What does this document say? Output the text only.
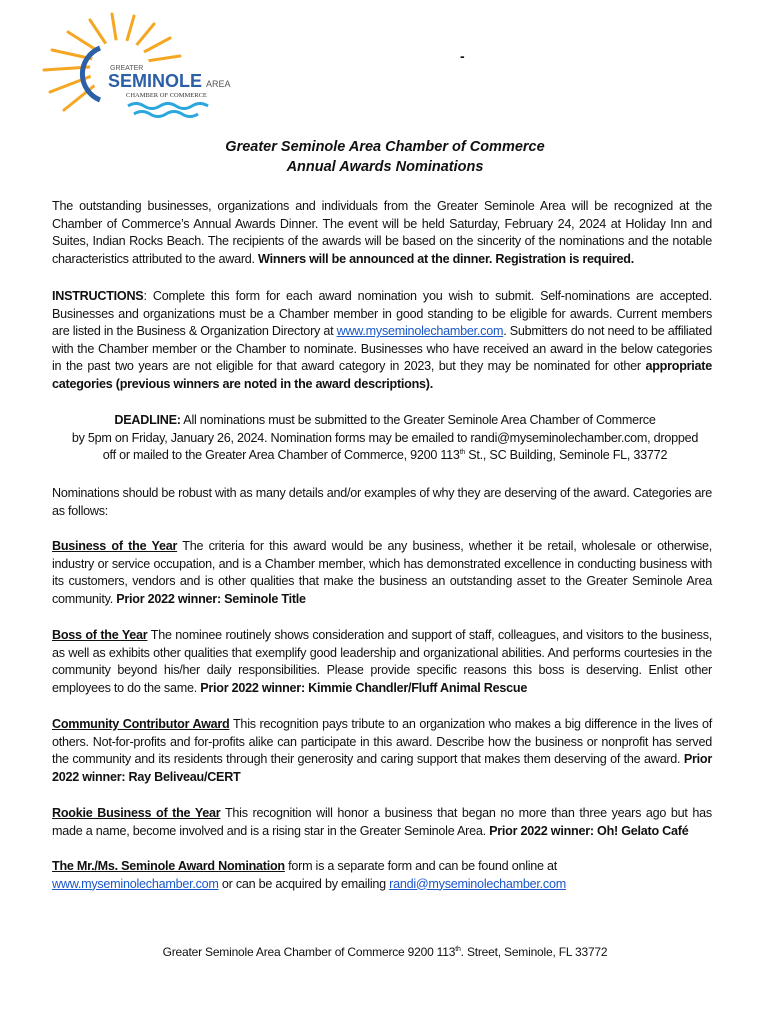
GREATER
SEMINOLE AREA
CHAMBER OF COMMERCE
-
Greater Seminole Area Chamber of Commerce
Annual Awards Nominations
The outstanding businesses, organizations and individuals from the Greater Seminole Area will be recognized at the Chamber of Commerce’s Annual Awards Dinner. The event will be held Saturday, February 24, 2024 at Holiday Inn and Suites, Indian Rocks Beach. The recipients of the awards will be based on the sincerity of the nominations and the notable characteristics attributed to the award. Winners will be announced at the dinner. Registration is required.
INSTRUCTIONS: Complete this form for each award nomination you wish to submit. Self-nominations are accepted. Businesses and organizations must be a Chamber member in good standing to be eligible for awards. Current members are listed in the Business & Organization Directory at www.myseminolechamber.com. Submitters do not need to be affiliated with the Chamber member or the Chamber to nominate. Businesses who have received an award in the below categories in the past two years are not eligible for that award category in 2023, but they may be nominated for other appropriate categories (previous winners are noted in the award descriptions).
DEADLINE: All nominations must be submitted to the Greater Seminole Area Chamber of Commerce
by 5pm on Friday, January 26, 2024. Nomination forms may be emailed to randi@myseminolechamber.com, dropped
off or mailed to the Greater Area Chamber of Commerce, 9200 113th St., SC Building, Seminole FL, 33772
Nominations should be robust with as many details and/or examples of why they are deserving of the award. Categories are as follows:
Business of the Year The criteria for this award would be any business, whether it be retail, wholesale or otherwise, industry or service occupation, and is a Chamber member, which has demonstrated excellence in conducting business with its customers, vendors and is other qualities that make the business an outstanding asset to the Greater Seminole Area community. Prior 2022 winner: Seminole Title
Boss of the Year The nominee routinely shows consideration and support of staff, colleagues, and visitors to the business, as well as exhibits other qualities that exemplify good leadership and organizational abilities. And performs courtesies in the community beyond his/her daily responsibilities. Please provide specific reasons this boss is deserving. Enlist other employees to do the same. Prior 2022 winner: Kimmie Chandler/Fluff Animal Rescue
Community Contributor Award This recognition pays tribute to an organization who makes a big difference in the lives of others. Not-for-profits and for-profits alike can participate in this award. Describe how the business or nonprofit has served the community and its residents through their generosity and caring support that makes them deserving of the award. Prior 2022 winner: Ray Beliveau/CERT
Rookie Business of the Year This recognition will honor a business that began no more than three years ago but has made a name, become involved and is a rising star in the Greater Seminole Area. Prior 2022 winner: Oh! Gelato Café
The Mr./Ms. Seminole Award Nomination form is a separate form and can be found online at
www.myseminolechamber.com or can be acquired by emailing randi@myseminolechamber.com
Greater Seminole Area Chamber of Commerce 9200 113th. Street, Seminole, FL 33772
